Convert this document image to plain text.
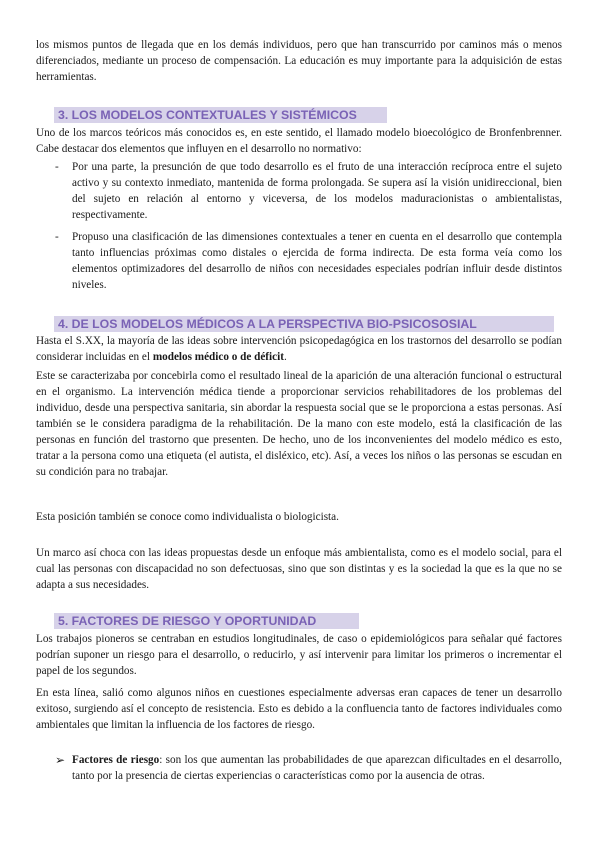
los mismos puntos de llegada que en los demás individuos, pero que han transcurrido por caminos más o menos diferenciados, mediante un proceso de compensación. La educación es muy importante para la adquisición de estas herramientas.

3. LOS MODELOS CONTEXTUALES Y SISTÉMICOS

Uno de los marcos teóricos más conocidos es, en este sentido, el llamado modelo bioecológico de Bronfenbrenner. Cabe destacar dos elementos que influyen en el desarrollo no normativo:

-	Por una parte, la presunción de que todo desarrollo es el fruto de una interacción recíproca entre el sujeto activo y su contexto inmediato, mantenida de forma prolongada. Se supera así la visión unidireccional, bien del sujeto en relación al entorno y viceversa, de los modelos maduracionistas o ambientalistas, respectivamente.

-	Propuso una clasificación de las dimensiones contextuales a tener en cuenta en el desarrollo que contempla tanto influencias próximas como distales o ejercida de forma indirecta. De esta forma veía como los elementos optimizadores del desarrollo de niños con necesidades especiales podrían influir desde distintos niveles.

4. DE LOS MODELOS MÉDICOS A LA PERSPECTIVA BIO-PSICOSOSIAL

Hasta el S.XX, la mayoría de las ideas sobre intervención psicopedagógica en los trastornos del desarrollo se podían considerar incluidas en el modelos médico o de déficit.

Este se caracterizaba por concebirla como el resultado lineal de la aparición de una alteración funcional o estructural en el organismo. La intervención médica tiende a proporcionar servicios rehabilitadores de los problemas del individuo, desde una perspectiva sanitaria, sin abordar la respuesta social que se le proporciona a estas personas. Así también se le considera paradigma de la rehabilitación. De la mano con este modelo, está la clasificación de las personas en función del trastorno que presenten. De hecho, uno de los inconvenientes del modelo médico es esto, tratar a la persona como una etiqueta (el autista, el disléxico, etc). Así, a veces los niños o las personas se escudan en su condición para no trabajar.

Esta posición también se conoce como individualista o biologicista.

Un marco así choca con las ideas propuestas desde un enfoque más ambientalista, como es el modelo social, para el cual las personas con discapacidad no son defectuosas, sino que son distintas y es la sociedad la que es la que no se adapta a sus necesidades.

5. FACTORES DE RIESGO Y OPORTUNIDAD

Los trabajos pioneros se centraban en estudios longitudinales, de caso o epidemiológicos para señalar qué factores podrían suponer un riesgo para el desarrollo, o reducirlo, y así intervenir para limitar los primeros o incrementar el papel de los segundos.

En esta línea, salió como algunos niños en cuestiones especialmente adversas eran capaces de tener un desarrollo exitoso, surgiendo así el concepto de resistencia. Esto es debido a la confluencia tanto de factores individuales como ambientales que limitan la influencia de los factores de riesgo.

➢ Factores de riesgo: son los que aumentan las probabilidades de que aparezcan dificultades en el desarrollo, tanto por la presencia de ciertas experiencias o características como por la ausencia de otras.
